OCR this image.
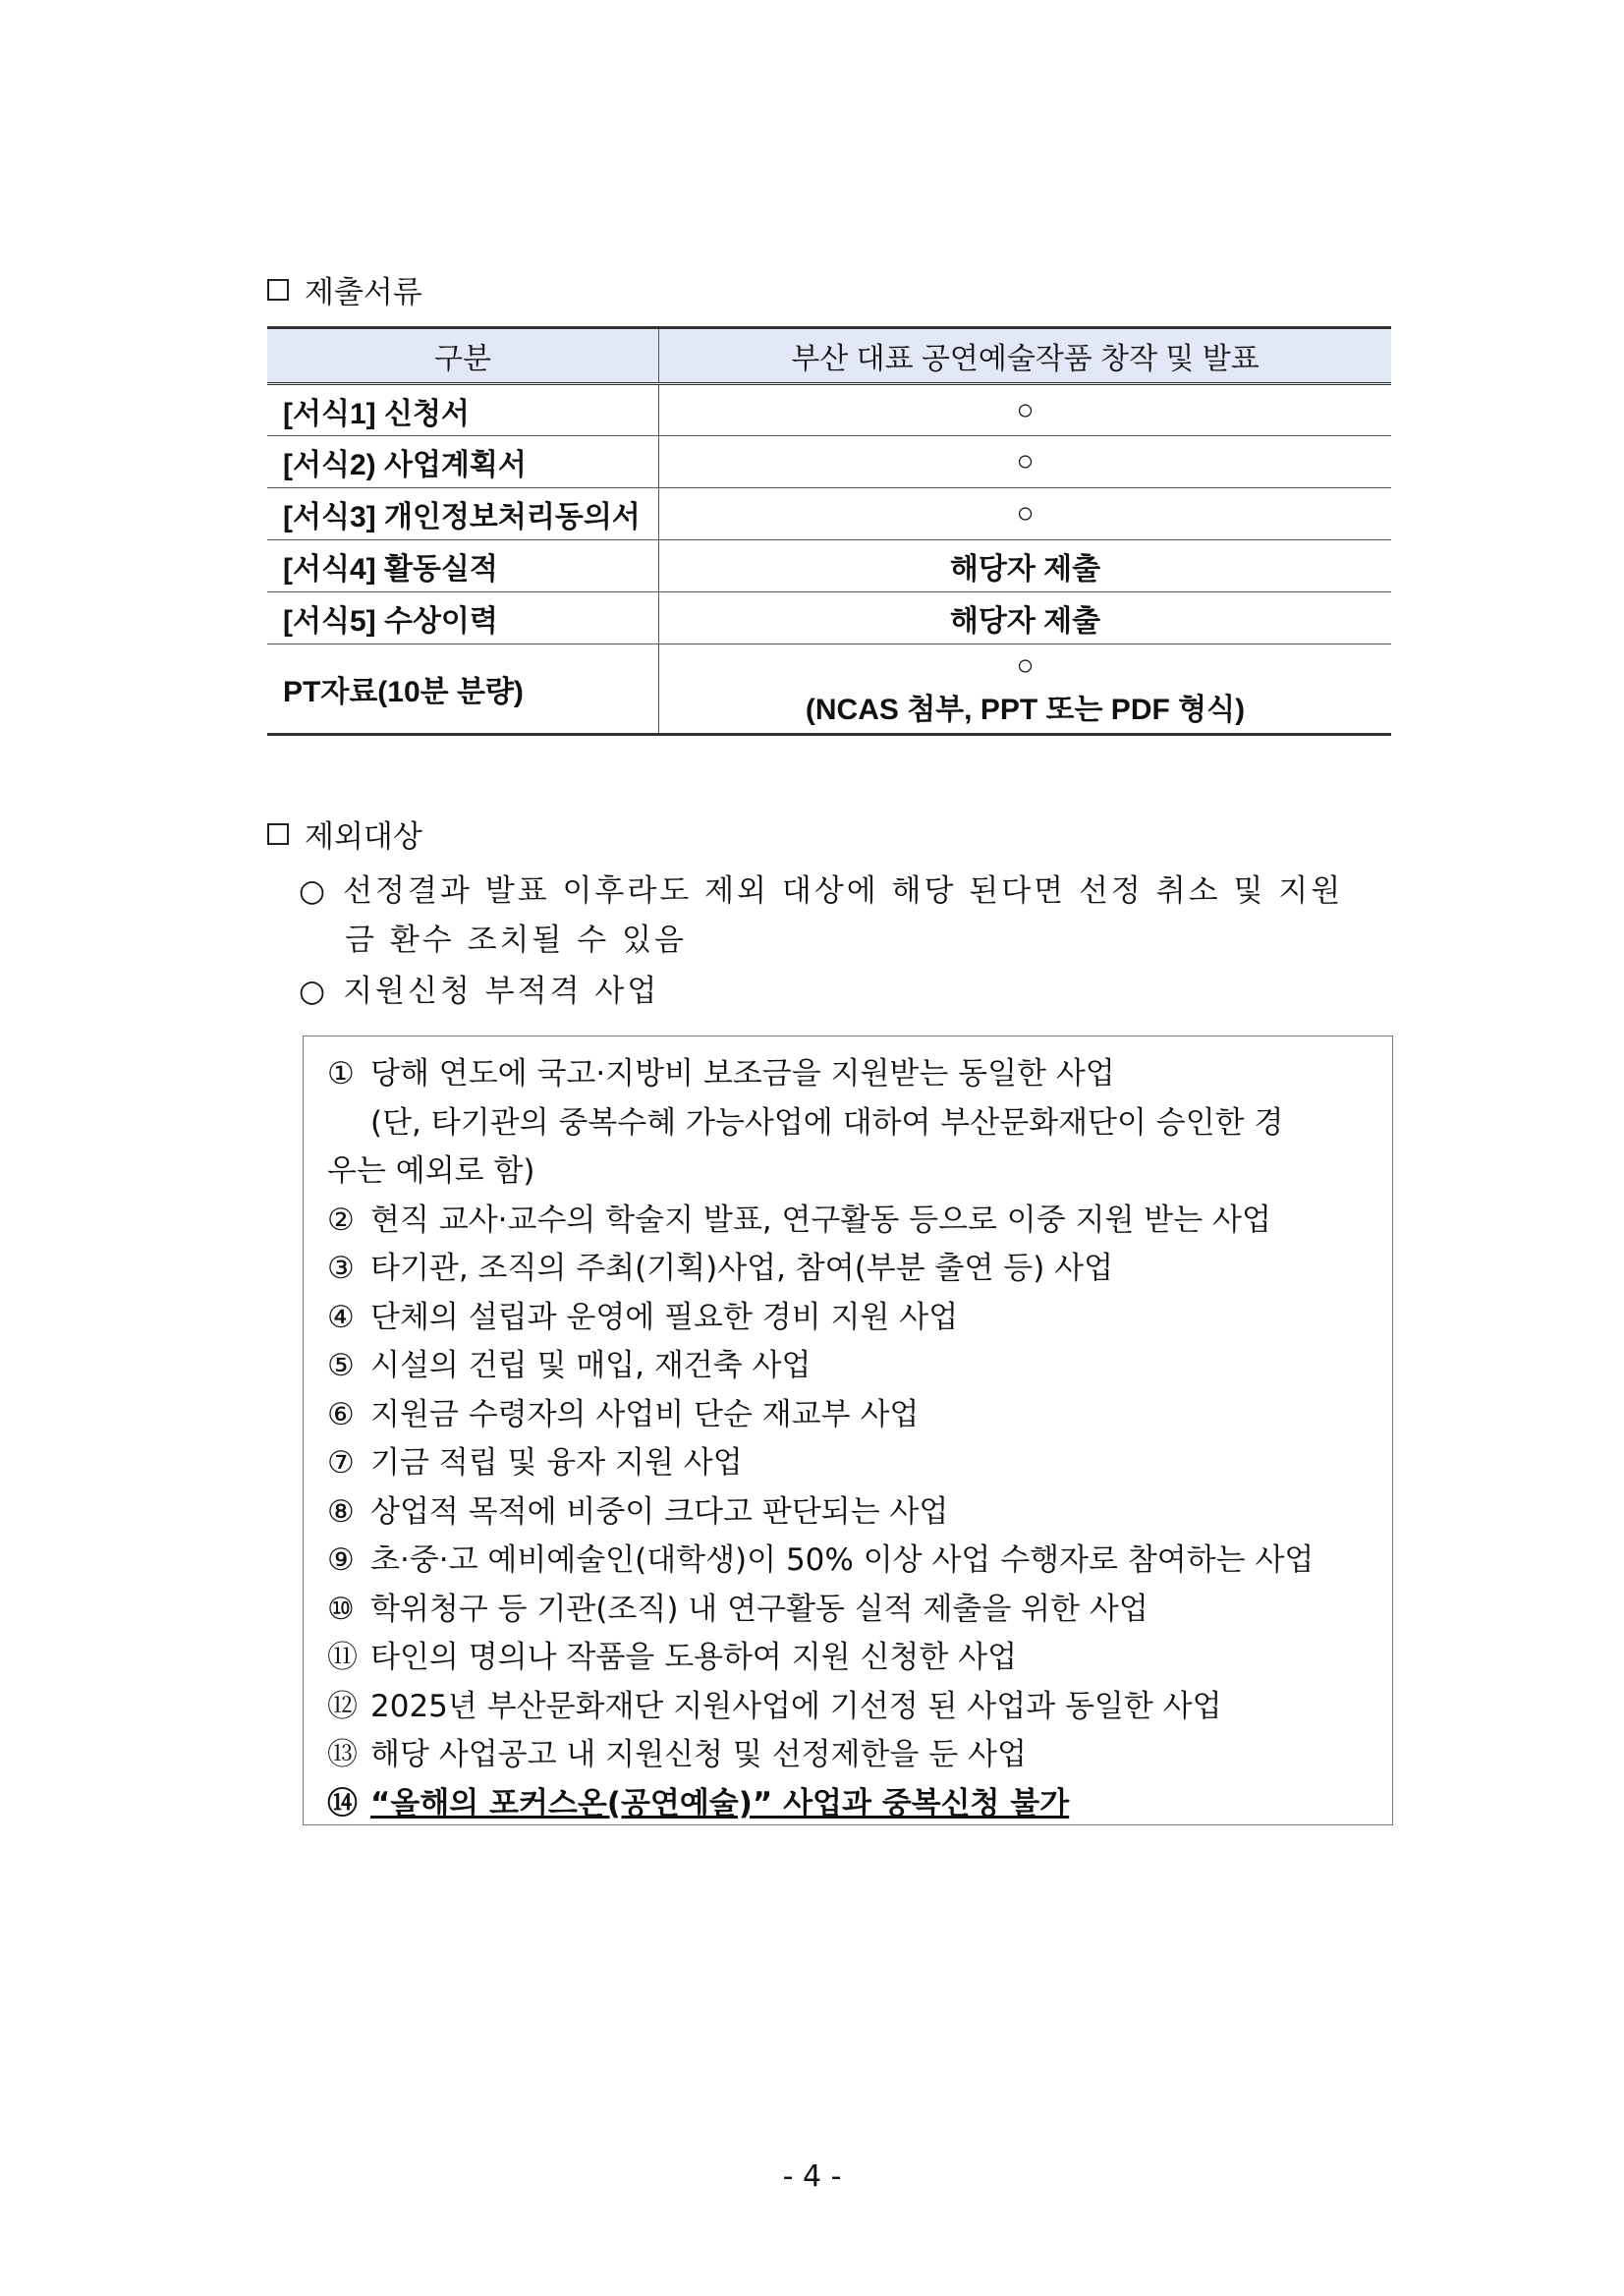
제출서류
구분	부산 대표 공연예술작품 창작 및 발표
[서식1] 신청서	○
[서식2) 사업계획서	○
[서식3] 개인정보처리동의서	○
[서식4] 활동실적	해당자 제출
[서식5] 수상이력	해당자 제출
PT자료(10분 분량)	○
(NCAS 첨부, PPT 또는 PDF 형식)
제외대상
○ 선정결과 발표 이후라도 제외 대상에 해당 된다면 선정 취소 및 지원
금 환수 조치될 수 있음
○ 지원신청 부적격 사업
① 당해 연도에 국고·지방비 보조금을 지원받는 동일한 사업
(단, 타기관의 중복수혜 가능사업에 대하여 부산문화재단이 승인한 경
우는 예외로 함)
② 현직 교사·교수의 학술지 발표, 연구활동 등으로 이중 지원 받는 사업
③ 타기관, 조직의 주최(기획)사업, 참여(부분 출연 등) 사업
④ 단체의 설립과 운영에 필요한 경비 지원 사업
⑤ 시설의 건립 및 매입, 재건축 사업
⑥ 지원금 수령자의 사업비 단순 재교부 사업
⑦ 기금 적립 및 융자 지원 사업
⑧ 상업적 목적에 비중이 크다고 판단되는 사업
⑨ 초·중·고 예비예술인(대학생)이 50% 이상 사업 수행자로 참여하는 사업
⑩ 학위청구 등 기관(조직) 내 연구활동 실적 제출을 위한 사업
⑪ 타인의 명의나 작품을 도용하여 지원 신청한 사업
⑫ 2025년 부산문화재단 지원사업에 기선정 된 사업과 동일한 사업
⑬ 해당 사업공고 내 지원신청 및 선정제한을 둔 사업
⑭ “올해의 포커스온(공연예술)” 사업과 중복신청 불가
- 4 -
